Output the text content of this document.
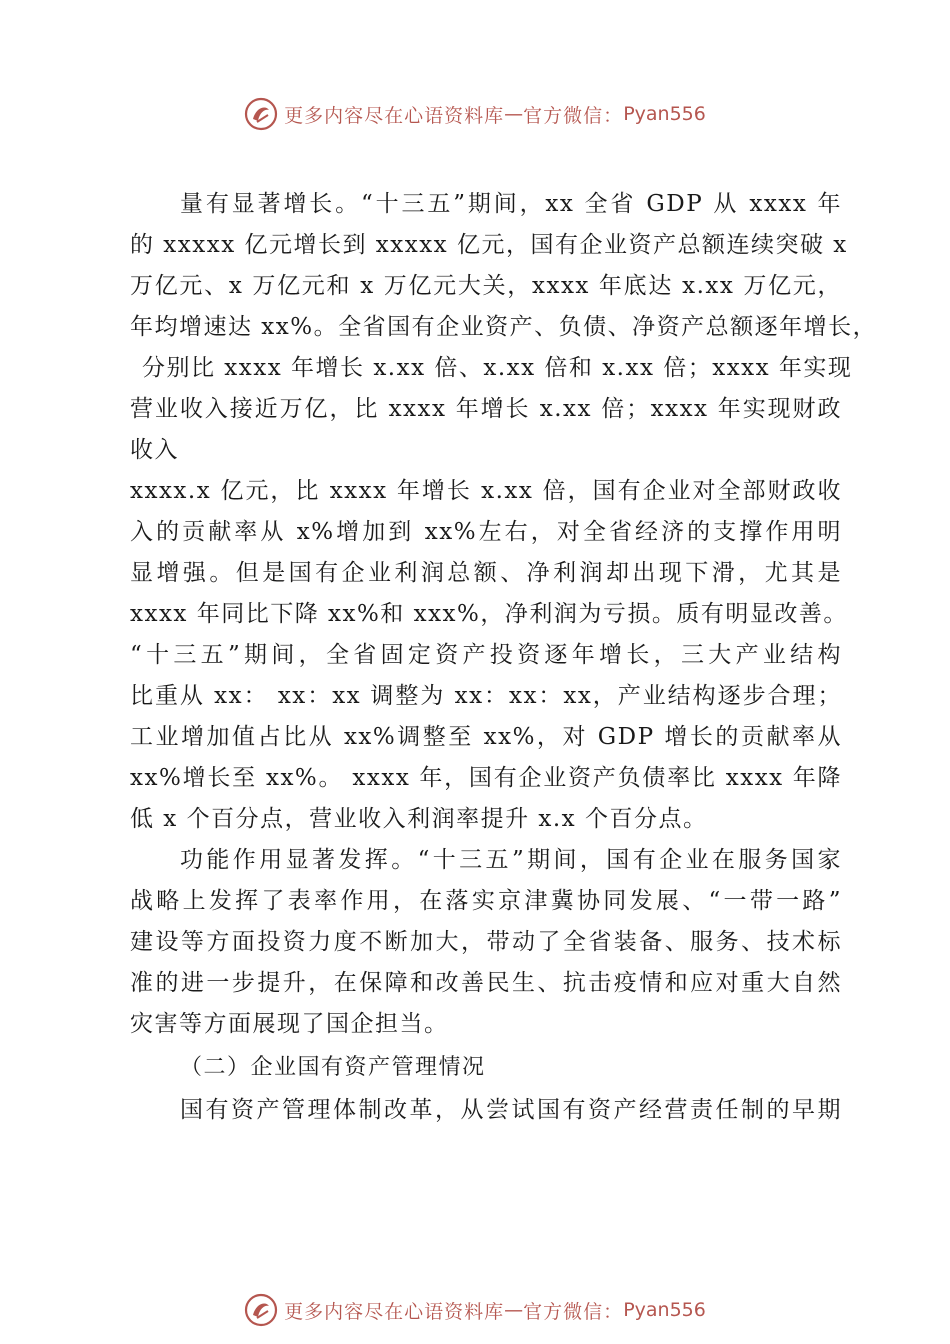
更多内容尽在心语资料库 — 官方微信： Pyan556
量有显著增长。“十三五”期间，xx 全省 GDP 从 xxxx 年
的 xxxxx 亿元增长到 xxxxx 亿元，国有企业资产总额连续突破 x
万亿元、x 万亿元和 x 万亿元大关，xxxx 年底达 x.xx 万亿元，
年均增速达 xx%。全省国有企业资产、负债、净资产总额逐年增长，
分别比 xxxx 年增长 x.xx 倍、x.xx 倍和 x.xx 倍；xxxx 年实现
营业收入接近万亿，比 xxxx 年增长 x.xx 倍；xxxx 年实现财政
收入
xxxx.x 亿元，比 xxxx 年增长 x.xx 倍，国有企业对全部财政收
入的贡献率从 x%增加到 xx%左右，对全省经济的支撑作用明
显增强。但是国有企业利润总额、净利润却出现下滑，尤其是
xxxx 年同比下降 xx%和 xxx%，净利润为亏损。质有明显改善。
“十三五”期间，全省固定资产投资逐年增长，三大产业结构
比重从 xx： xx：xx 调整为 xx：xx：xx，产业结构逐步合理；
工业增加值占比从 xx%调整至 xx%，对 GDP 增长的贡献率从
xx%增长至 xx%。 xxxx 年，国有企业资产负债率比 xxxx 年降
低 x 个百分点，营业收入利润率提升 x.x 个百分点。
功能作用显著发挥。“十三五”期间，国有企业在服务国家
战略上发挥了表率作用，在落实京津冀协同发展、“一带一路”
建设等方面投资力度不断加大，带动了全省装备、服务、技术标
准的进一步提升，在保障和改善民生、抗击疫情和应对重大自然
灾害等方面展现了国企担当。
（二）企业国有资产管理情况
国有资产管理体制改革，从尝试国有资产经营责任制的早期
更多内容尽在心语资料库 — 官方微信： Pyan556
